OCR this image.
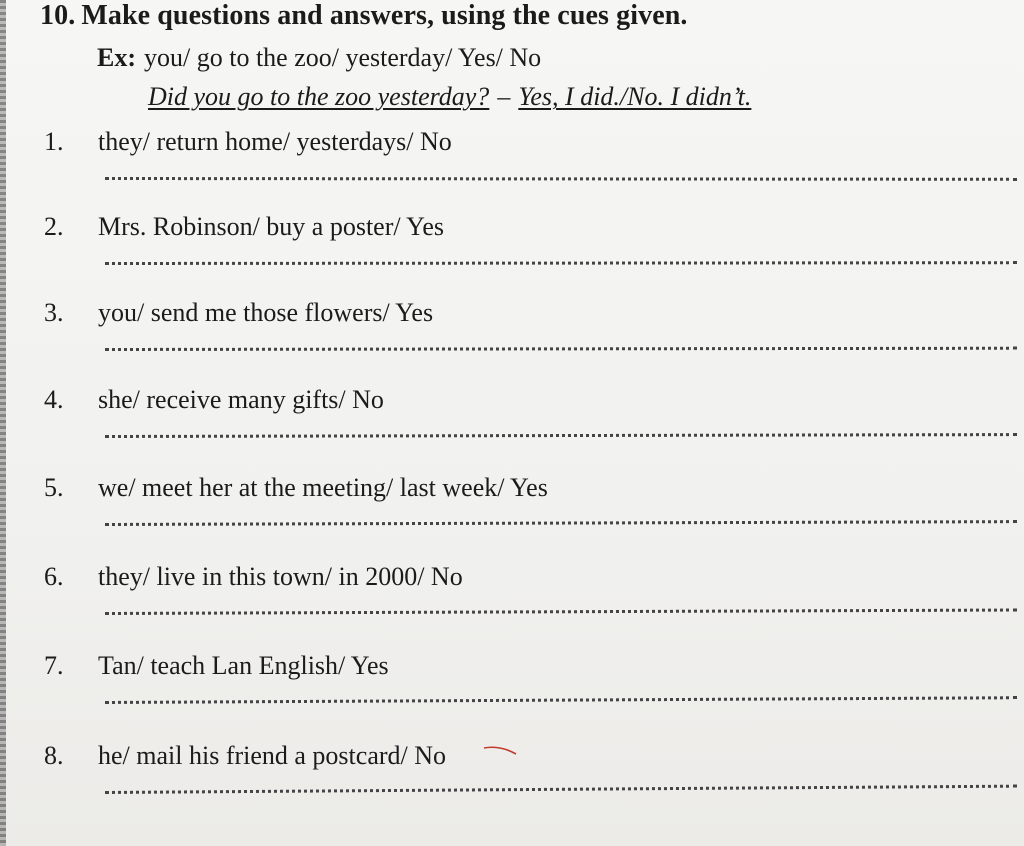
10. Make questions and answers, using the cues given.
Ex: you/ go to the zoo/ yesterday/ Yes/ No
Did you go to the zoo yesterday? – Yes, I did./No. I didn’t.
1. they/ return home/ yesterdays/ No
2. Mrs. Robinson/ buy a poster/ Yes
3. you/ send me those flowers/ Yes
4. she/ receive many gifts/ No
5. we/ meet her at the meeting/ last week/ Yes
6. they/ live in this town/ in 2000/ No
7. Tan/ teach Lan English/ Yes
8. he/ mail his friend a postcard/ No
